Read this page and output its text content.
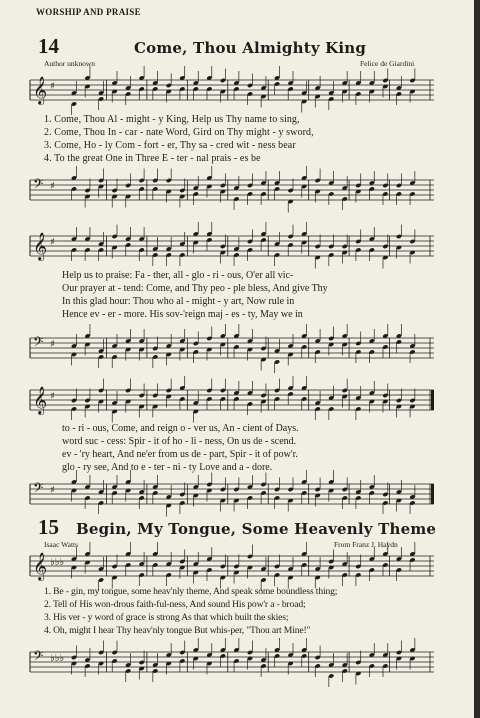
WORSHIP AND PRAISE
14	Come, Thou Almighty King
Author unknown	Felice de Giardini
𝄞 ♯
1. Come, Thou Al - might - y King, Help us Thy name to sing,
2. Come, Thou In - car - nate Word, Gird on Thy might - y sword,
3. Come, Ho - ly Com - fort - er, Thy sa - cred wit - ness bear
4. To the great One in Three E - ter - nal prais - es be
𝄢 ♯
𝄞 ♯
Help us to praise: Fa - ther, all - glo - ri - ous, O'er all vic-
Our prayer at - tend: Come, and Thy peo - ple bless, And give Thy
In this glad hour: Thou who al - might - y art, Now rule in
Hence ev - er - more. His sov-'reign maj - es - ty, May we in
𝄢 ♯
𝄞 ♯
to - ri - ous, Come, and reign o - ver us, An - cient of Days.
word suc - cess: Spir - it of ho - li - ness, On us de - scend.
ev - 'ry heart, And ne'er from us de - part, Spir - it of pow'r.
glo - ry see, And to e - ter - ni - ty Love and a - dore.
𝄢 ♯
15 Begin, My Tongue, Some Heavenly Theme
Isaac Watts	From Franz J. Haydn
𝄞 ♭♭♭
1. Be - gin, my tongue, some heav'nly theme, And speak some boundless thing;
2. Tell of His won-drous faith-ful-ness, And sound His pow'r a - broad;
3. His ver - y word of grace is strong As that which built the skies;
4. Oh, might I hear Thy heav'nly tongue But whis-per, "Thou art Mine!"
𝄢 ♭♭♭
